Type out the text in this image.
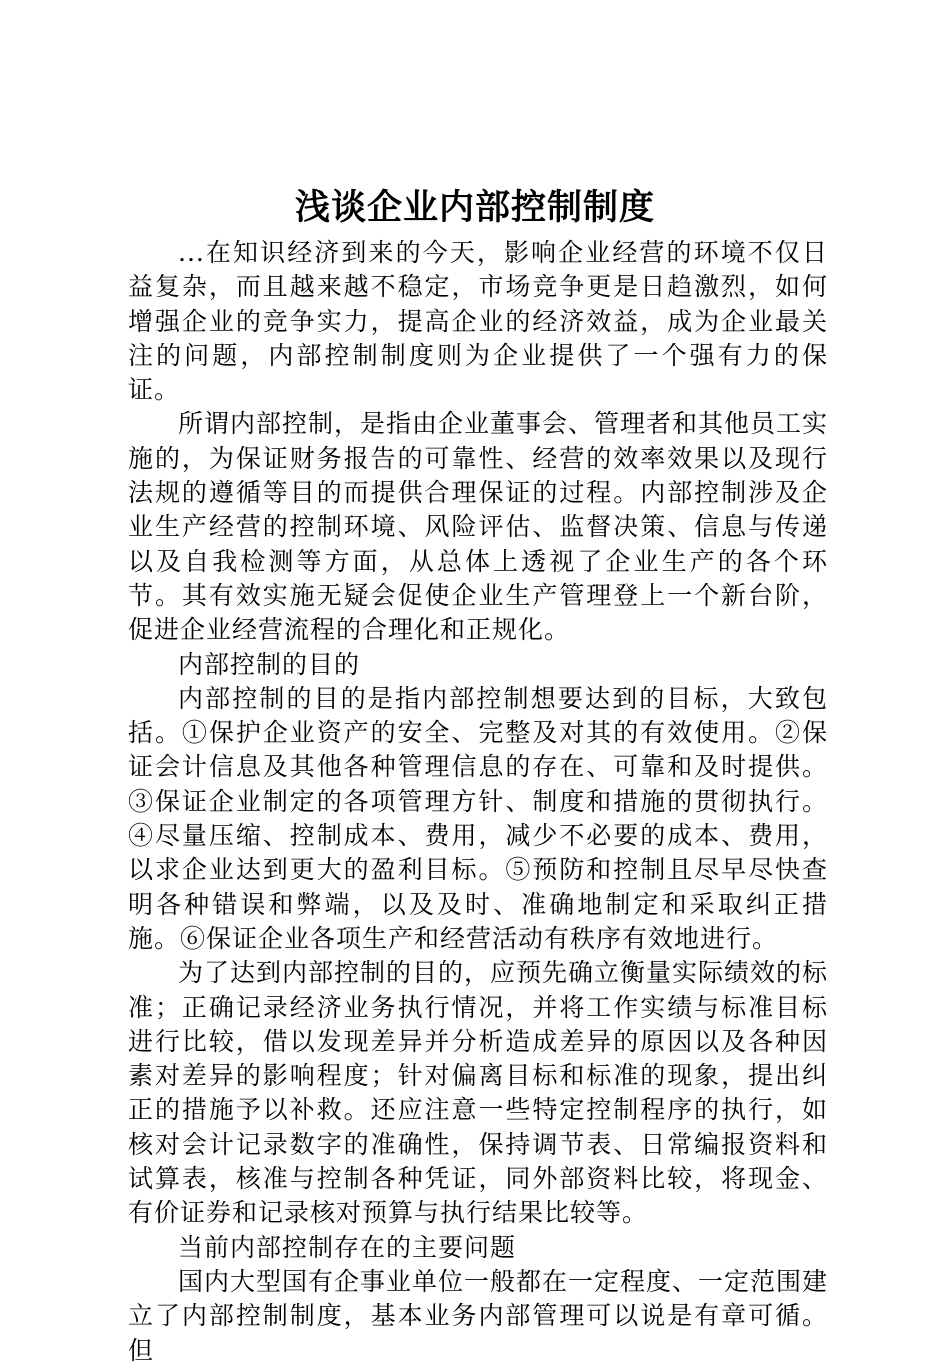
浅谈企业内部控制制度

...在知识经济到来的今天，影响企业经营的环境不仅日益复杂，而且越来越不稳定，市场竞争更是日趋激烈，如何增强企业的竞争实力，提高企业的经济效益，成为企业最关注的问题，内部控制制度则为企业提供了一个强有力的保证。

所谓内部控制，是指由企业董事会、管理者和其他员工实施的，为保证财务报告的可靠性、经营的效率效果以及现行法规的遵循等目的而提供合理保证的过程。内部控制涉及企业生产经营的控制环境、风险评估、监督决策、信息与传递以及自我检测等方面，从总体上透视了企业生产的各个环节。其有效实施无疑会促使企业生产管理登上一个新台阶，促进企业经营流程的合理化和正规化。

内部控制的目的

内部控制的目的是指内部控制想要达到的目标，大致包括。①保护企业资产的安全、完整及对其的有效使用。②保证会计信息及其他各种管理信息的存在、可靠和及时提供。③保证企业制定的各项管理方针、制度和措施的贯彻执行。④尽量压缩、控制成本、费用，减少不必要的成本、费用，以求企业达到更大的盈利目标。⑤预防和控制且尽早尽快查明各种错误和弊端，以及及时、准确地制定和采取纠正措施。⑥保证企业各项生产和经营活动有秩序有效地进行。

为了达到内部控制的目的，应预先确立衡量实际绩效的标准；正确记录经济业务执行情况，并将工作实绩与标准目标进行比较，借以发现差异并分析造成差异的原因以及各种因素对差异的影响程度；针对偏离目标和标准的现象，提出纠正的措施予以补救。还应注意一些特定控制程序的执行，如核对会计记录数字的准确性，保持调节表、日常编报资料和试算表，核准与控制各种凭证，同外部资料比较，将现金、有价证券和记录核对预算与执行结果比较等。

当前内部控制存在的主要问题

国内大型国有企事业单位一般都在一定程度、一定范围建立了内部控制制度，基本业务内部管理可以说是有章可循。但
